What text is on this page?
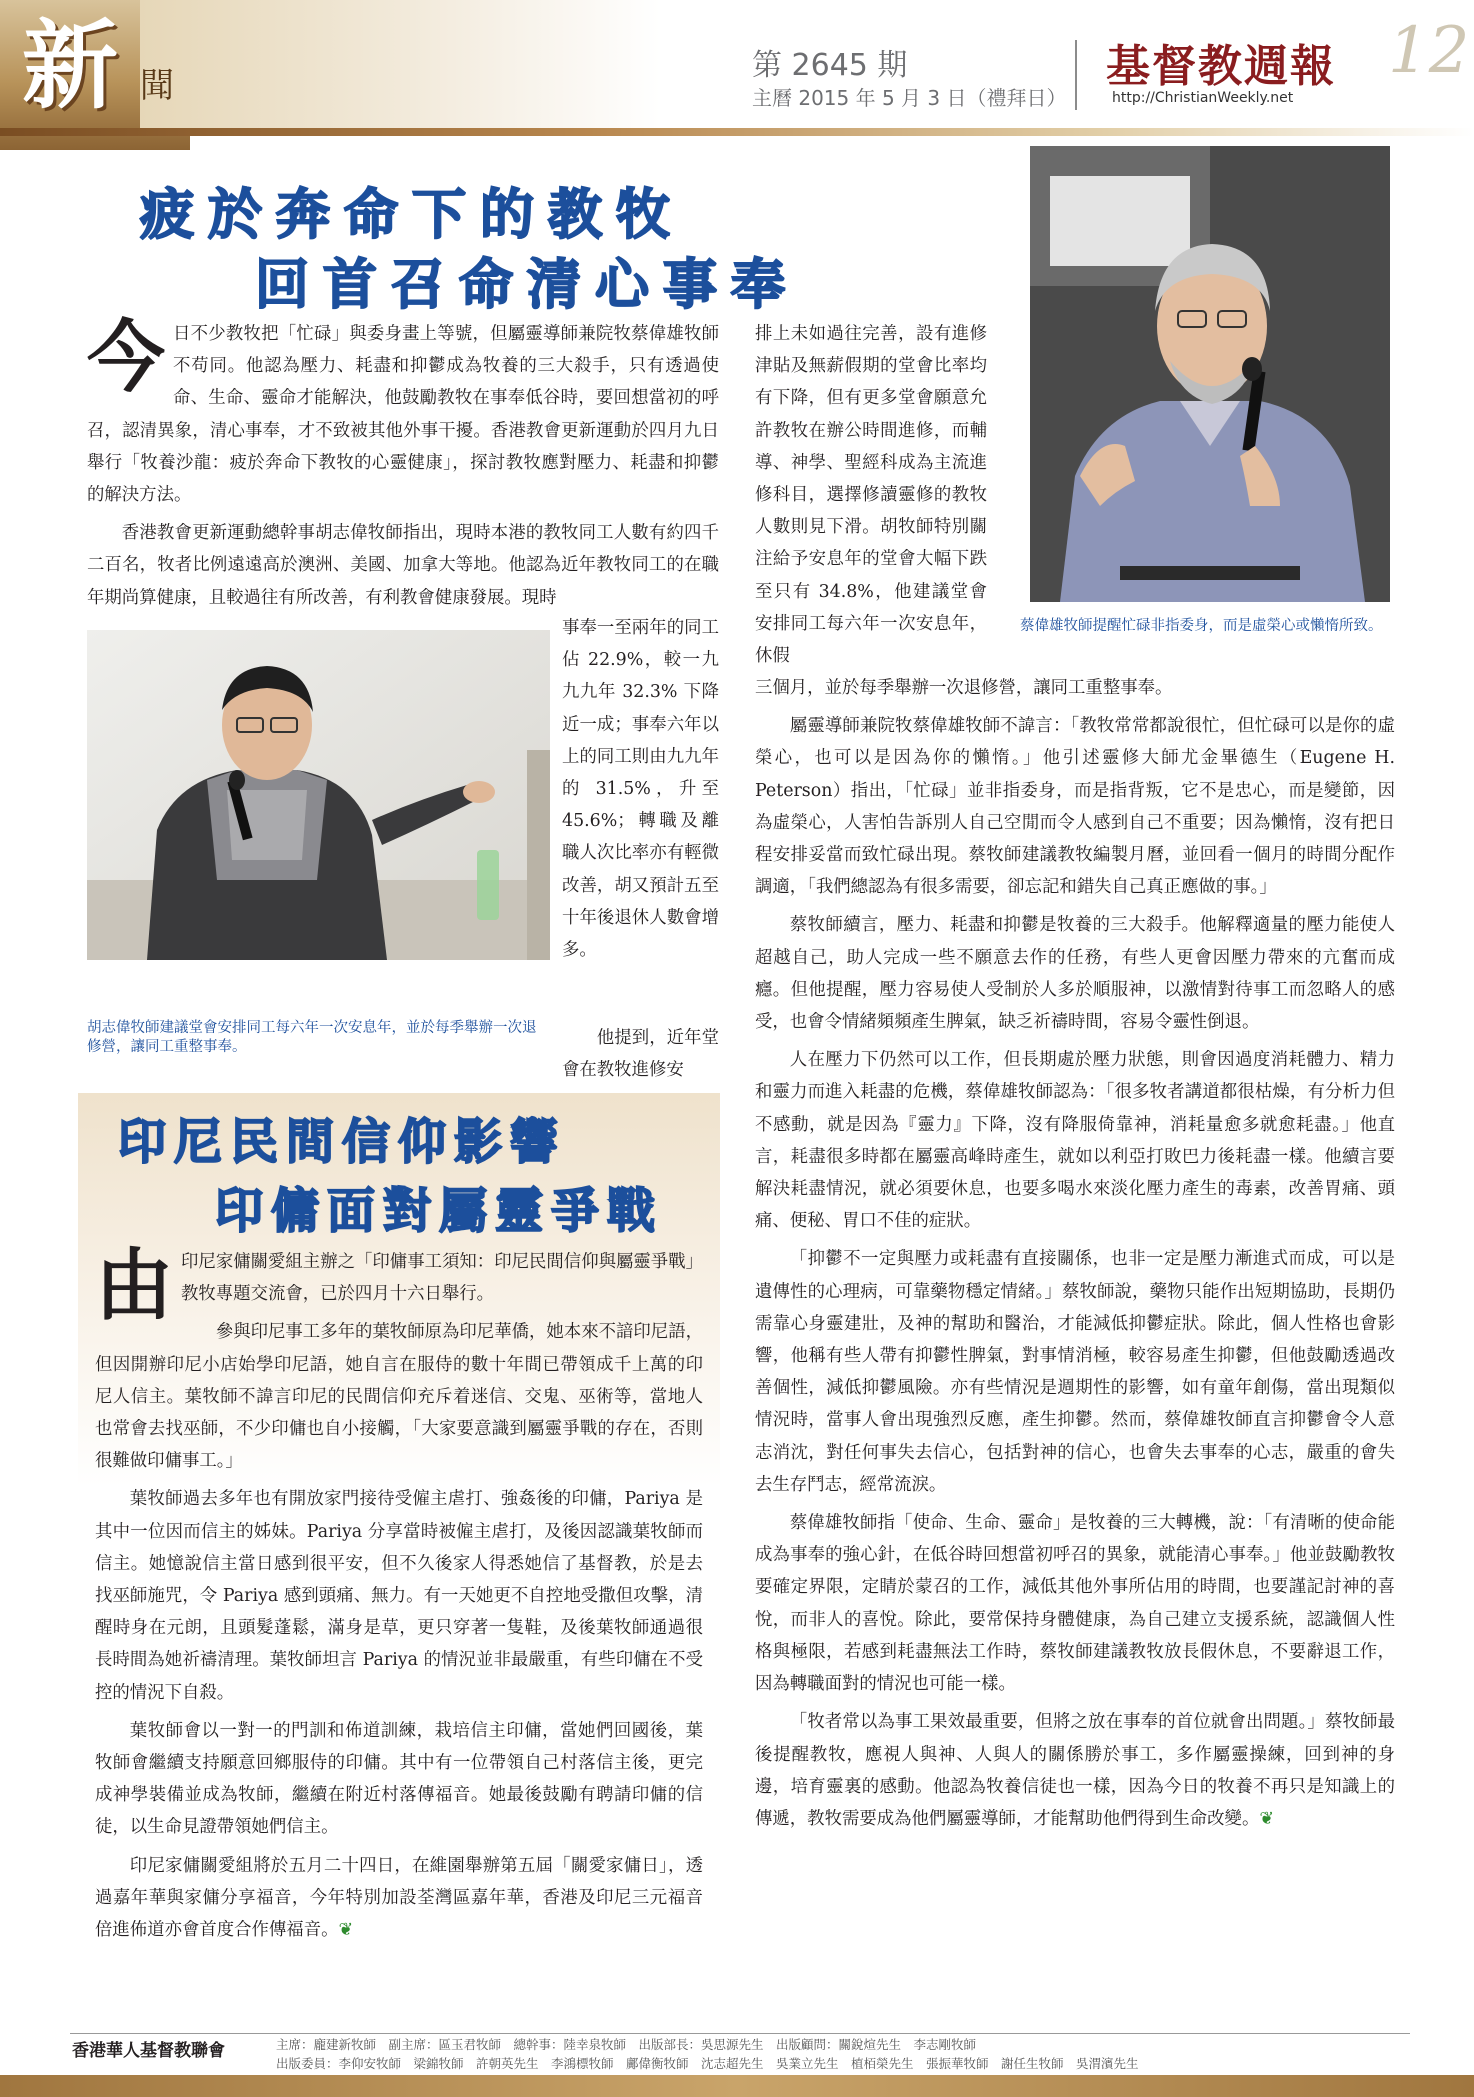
新 聞
第 2645 期
主曆 2015 年 5 月 3 日（禮拜日）
基督教週報
http://ChristianWeekly.net
12
疲於奔命下的教牧
回首召命清心事奉

今日不少教牧把「忙碌」與委身畫上等號，但屬靈導師兼院牧蔡偉雄牧師不苟同。他認為壓力、耗盡和抑鬱成為牧養的三大殺手，只有透過使命、生命、靈命才能解決，他鼓勵教牧在事奉低谷時，要回想當初的呼召，認清異象，清心事奉，才不致被其他外事干擾。香港教會更新運動於四月九日舉行「牧養沙龍：疲於奔命下教牧的心靈健康」，探討教牧應對壓力、耗盡和抑鬱的解決方法。

香港教會更新運動總幹事胡志偉牧師指出，現時本港的教牧同工人數有約四千二百名，牧者比例遠遠高於澳洲、美國、加拿大等地。他認為近年教牧同工的在職年期尚算健康，且較過往有所改善，有利教會健康發展。現時

胡志偉牧師建議堂會安排同工每六年一次安息年，並於每季舉辦一次退修營，讓同工重整事奉。

事奉一至兩年的同工佔 22.9%，較一九九九年 32.3% 下降近一成；事奉六年以上的同工則由九九年的 31.5%，升至 45.6%；轉職及離職人次比率亦有輕微改善，胡又預計五至十年後退休人數會增多。

他提到，近年堂會在教牧進修安

排上未如過往完善，設有進修津貼及無薪假期的堂會比率均有下降，但有更多堂會願意允許教牧在辦公時間進修，而輔導、神學、聖經科成為主流進修科目，選擇修讀靈修的教牧人數則見下滑。胡牧師特別關注給予安息年的堂會大幅下跌至只有 34.8%，他建議堂會安排同工每六年一次安息年，休假

蔡偉雄牧師提醒忙碌非指委身，而是虛榮心或懶惰所致。

三個月，並於每季舉辦一次退修營，讓同工重整事奉。

屬靈導師兼院牧蔡偉雄牧師不諱言：「教牧常常都說很忙，但忙碌可以是你的虛榮心，也可以是因為你的懶惰。」他引述靈修大師尤金畢德生（Eugene H. Peterson）指出，「忙碌」並非指委身，而是指背叛，它不是忠心，而是變節，因為虛榮心，人害怕告訴別人自己空閒而令人感到自己不重要；因為懶惰，沒有把日程安排妥當而致忙碌出現。蔡牧師建議教牧編製月曆，並回看一個月的時間分配作調適，「我們總認為有很多需要，卻忘記和錯失自己真正應做的事。」

蔡牧師續言，壓力、耗盡和抑鬱是牧養的三大殺手。他解釋適量的壓力能使人超越自己，助人完成一些不願意去作的任務，有些人更會因壓力帶來的亢奮而成癮。但他提醒，壓力容易使人受制於人多於順服神，以激情對待事工而忽略人的感受，也會令情緒頻頻產生脾氣，缺乏祈禱時間，容易令靈性倒退。

人在壓力下仍然可以工作，但長期處於壓力狀態，則會因過度消耗體力、精力和靈力而進入耗盡的危機，蔡偉雄牧師認為：「很多牧者講道都很枯燥，有分析力但不感動，就是因為『靈力』下降，沒有降服倚靠神，消耗量愈多就愈耗盡。」他直言，耗盡很多時都在屬靈高峰時產生，就如以利亞打敗巴力後耗盡一樣。他續言要解決耗盡情況，就必須要休息，也要多喝水來淡化壓力產生的毒素，改善胃痛、頭痛、便秘、胃口不佳的症狀。

「抑鬱不一定與壓力或耗盡有直接關係，也非一定是壓力漸進式而成，可以是遺傳性的心理病，可靠藥物穩定情緒。」蔡牧師說，藥物只能作出短期協助，長期仍需靠心身靈建壯，及神的幫助和醫治，才能減低抑鬱症狀。除此，個人性格也會影響，他稱有些人帶有抑鬱性脾氣，對事情消極，較容易產生抑鬱，但他鼓勵透過改善個性，減低抑鬱風險。亦有些情況是週期性的影響，如有童年創傷，當出現類似情況時，當事人會出現強烈反應，產生抑鬱。然而，蔡偉雄牧師直言抑鬱會令人意志消沈，對任何事失去信心，包括對神的信心，也會失去事奉的心志，嚴重的會失去生存鬥志，經常流淚。

蔡偉雄牧師指「使命、生命、靈命」是牧養的三大轉機，說：「有清晰的使命能成為事奉的強心針，在低谷時回想當初呼召的異象，就能清心事奉。」他並鼓勵教牧要確定界限，定睛於蒙召的工作，減低其他外事所佔用的時間，也要謹記討神的喜悅，而非人的喜悅。除此，要常保持身體健康，為自己建立支援系統，認識個人性格與極限，若感到耗盡無法工作時，蔡牧師建議教牧放長假休息，不要辭退工作，因為轉職面對的情況也可能一樣。

「牧者常以為事工果效最重要，但將之放在事奉的首位就會出問題。」蔡牧師最後提醒教牧，應視人與神、人與人的關係勝於事工，多作屬靈操練，回到神的身邊，培育靈裏的感動。他認為牧養信徒也一樣，因為今日的牧養不再只是知識上的傳遞，教牧需要成為他們屬靈導師，才能幫助他們得到生命改變。❦

印尼民間信仰影響
印傭面對屬靈爭戰

由印尼家傭關愛組主辦之「印傭事工須知：印尼民間信仰與屬靈爭戰」教牧專題交流會，已於四月十六日舉行。

參與印尼事工多年的葉牧師原為印尼華僑，她本來不諳印尼語，但因開辦印尼小店始學印尼語，她自言在服侍的數十年間已帶領成千上萬的印尼人信主。葉牧師不諱言印尼的民間信仰充斥着迷信、交鬼、巫術等，當地人也常會去找巫師，不少印傭也自小接觸，「大家要意識到屬靈爭戰的存在，否則很難做印傭事工。」

葉牧師過去多年也有開放家門接待受僱主虐打、強姦後的印傭，Pariya 是其中一位因而信主的姊妹。Pariya 分享當時被僱主虐打，及後因認識葉牧師而信主。她憶說信主當日感到很平安，但不久後家人得悉她信了基督教，於是去找巫師施咒，令 Pariya 感到頭痛、無力。有一天她更不自控地受撒但攻擊，清醒時身在元朗，且頭髮蓬鬆，滿身是草，更只穿著一隻鞋，及後葉牧師通過很長時間為她祈禱清理。葉牧師坦言 Pariya 的情況並非最嚴重，有些印傭在不受控的情況下自殺。

葉牧師會以一對一的門訓和佈道訓練，栽培信主印傭，當她們回國後，葉牧師會繼續支持願意回鄉服侍的印傭。其中有一位帶領自己村落信主後，更完成神學裝備並成為牧師，繼續在附近村落傳福音。她最後鼓勵有聘請印傭的信徒，以生命見證帶領她們信主。

印尼家傭關愛組將於五月二十四日，在維園舉辦第五屆「關愛家傭日」，透過嘉年華與家傭分享福音，今年特別加設荃灣區嘉年華，香港及印尼三元福音倍進佈道亦會首度合作傳福音。❦

香港華人基督教聯會	主席：龐建新牧師　副主席：區玉君牧師　總幹事：陸幸泉牧師　出版部長：吳思源先生　出版顧問：關銳煊先生　李志剛牧師
出版委員：李仰安牧師　梁錦牧師　許朝英先生　李鴻標牧師　鄺偉衡牧師　沈志超先生　吳業立先生　植栢榮先生　張振華牧師　謝任生牧師　吳渭濱先生
